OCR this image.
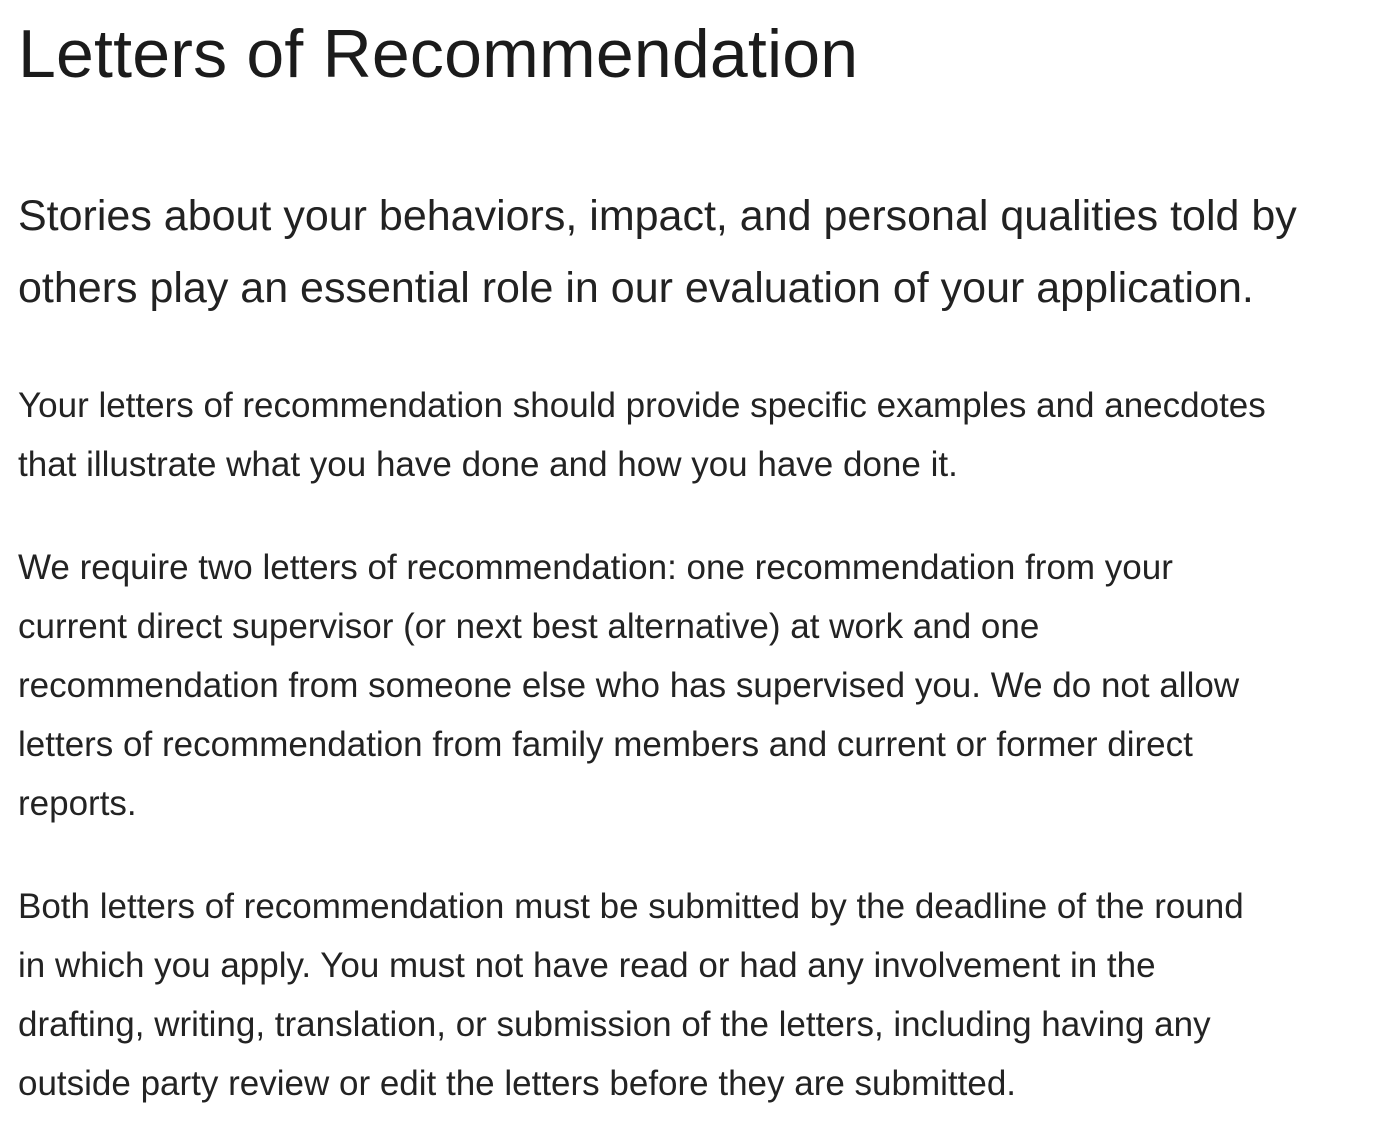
Letters of Recommendation

Stories about your behaviors, impact, and personal qualities told by
others play an essential role in our evaluation of your application.

Your letters of recommendation should provide specific examples and anecdotes
that illustrate what you have done and how you have done it.

We require two letters of recommendation: one recommendation from your
current direct supervisor (or next best alternative) at work and one
recommendation from someone else who has supervised you. We do not allow
letters of recommendation from family members and current or former direct
reports.

Both letters of recommendation must be submitted by the deadline of the round
in which you apply. You must not have read or had any involvement in the
drafting, writing, translation, or submission of the letters, including having any
outside party review or edit the letters before they are submitted.
